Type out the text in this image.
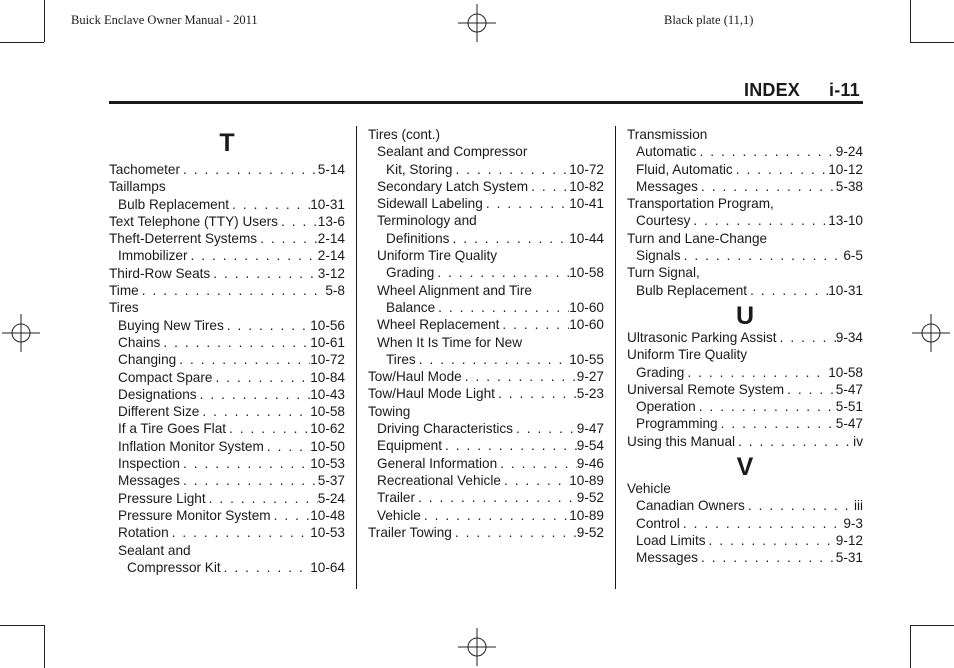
Buick Enclave Owner Manual - 2011	Black plate (11,1)
INDEX i-11
T
Tachometer . . .	5-14
Taillamps
Bulb Replacement . . .	10-31
Text Telephone (TTY) Users . . .	13-6
Theft-Deterrent Systems . . .	2-14
Immobilizer . . .	2-14
Third-Row Seats . . .	3-12
Time . . .	5-8
Tires
Buying New Tires . . .	10-56
Chains . . .	10-61
Changing . . .	10-72
Compact Spare . . .	10-84
Designations . . .	10-43
Different Size . . .	10-58
If a Tire Goes Flat . . .	10-62
Inflation Monitor System . . .	10-50
Inspection . . .	10-53
Messages . . .	5-37
Pressure Light . . .	5-24
Pressure Monitor System . . .	10-48
Rotation . . .	10-53
Sealant and
Compressor Kit . . .	10-64
Tires (cont.)
Sealant and Compressor
Kit, Storing . . .	10-72
Secondary Latch System . . .	10-82
Sidewall Labeling . . .	10-41
Terminology and
Definitions . . .	10-44
Uniform Tire Quality
Grading . . .	10-58
Wheel Alignment and Tire
Balance . . .	10-60
Wheel Replacement . . .	10-60
When It Is Time for New
Tires . . .	10-55
Tow/Haul Mode . . .	9-27
Tow/Haul Mode Light . . .	5-23
Towing
Driving Characteristics . . .	9-47
Equipment . . .	9-54
General Information . . .	9-46
Recreational Vehicle . . .	10-89
Trailer . . .	9-52
Vehicle . . .	10-89
Trailer Towing . . .	9-52
Transmission
Automatic . . .	9-24
Fluid, Automatic . . .	10-12
Messages . . .	5-38
Transportation Program,
Courtesy . . .	13-10
Turn and Lane-Change
Signals . . .	6-5
Turn Signal,
Bulb Replacement . . .	10-31
U
Ultrasonic Parking Assist . . .	9-34
Uniform Tire Quality
Grading . . .	10-58
Universal Remote System . . .	5-47
Operation . . .	5-51
Programming . . .	5-47
Using this Manual . . .	iv
V
Vehicle
Canadian Owners . . .	iii
Control . . .	9-3
Load Limits . . .	9-12
Messages . . .	5-31
